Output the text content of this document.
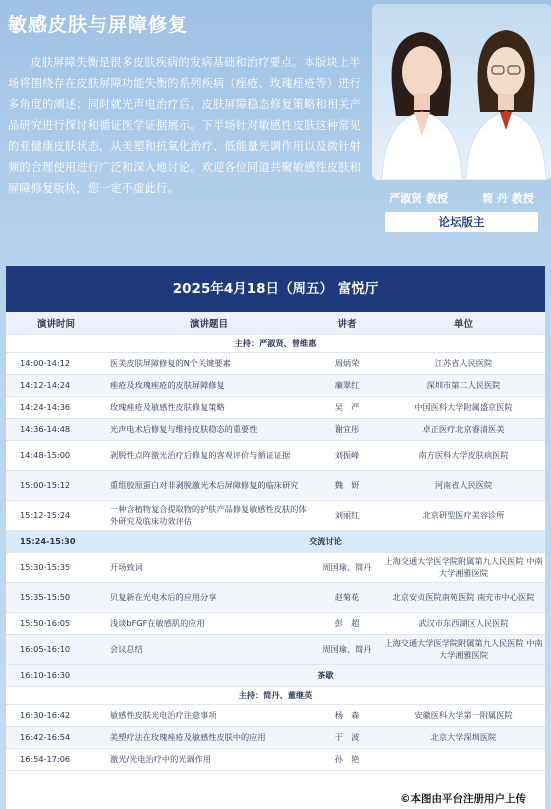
敏感皮肤与屏障修复
皮肤屏障失衡是很多皮肤疾病的发病基础和治疗要点。本版块上半场将围绕存在皮肤屏障功能失衡的系列疾病（痤疮、玫瑰痤疮等）进行多角度的阐述；同时就光声电治疗后，皮肤屏障稳态修复策略和相关产品研究进行探讨和循证医学证据展示。下半场针对敏感性皮肤这种常见的亚健康皮肤状态，从美塑和抗氧化治疗、低能量光调作用以及微针射频的合理使用进行广泛和深入地讨论。欢迎各位同道共聚敏感性皮肤和屏障修复版块，您一定不虚此行。
严淑贤 教授	简 丹 教授
论坛版主
2025年4月18日（周五） 富悦厅
演讲时间	演讲题目	讲者	单位
主持：严淑贤、曾维惠			
14:00-14:12	医美皮肤屏障修复的N个关键要素	周炳荣	江苏省人民医院
14:12-14:24	痤疮及玫瑰痤疮的皮肤屏障修复	廉翠红	深圳市第二人民医院
14:24-14:36	玫瑰痤疮及敏感性皮肤修复策略	吴　严	中国医科大学附属盛京医院
14:36-14:48	光声电术后修复与维持皮肤稳态的重要性	谢宜彤	卓正医疗北京睿清医美
14:48-15:00	剥脱性点阵激光治疗后修复的客观评价与循证证据	刘振峰	南方医科大学皮肤病医院
15:00-15:12	重组胶原蛋白对非剥脱激光术后屏障修复的临床研究	魏　妍	河南省人民医院
15:12-15:24	一种含植物复合提取物的护肤产品修复敏感性皮肤的体外研究及临床功效评估	刘丽红	北京研型医疗美容诊所
15:24-15:30	交流讨论		
15:30-15:35	开场致词	周国瑜、简丹	上海交通大学医学院附属第九人民医院 中南大学湘雅医院
15:35-15:50	贝复新在光电术后的应用分享	赵菊花	北京安贞医院南苑医院 南充市中心医院
15:50-16:05	浅谈bFGF在敏感肌的应用	彭　超	武汉市东西湖区人民医院
16:05-16:10	会议总结	周国瑜、简丹	上海交通大学医学院附属第九人民医院 中南大学湘雅医院
16:10-16:30	茶歇		
主持：简丹、董继英			
16:30-16:42	敏感性皮肤光电治疗注意事项	杨　森	安徽医科大学第一附属医院
16:42-16:54	美塑疗法在玫瑰痤疮及敏感性皮肤中的应用	于　波	北京大学深圳医院
16:54-17:06	激光/光电治疗中的光调作用	孙　艳	
©本图由平台注册用户上传
